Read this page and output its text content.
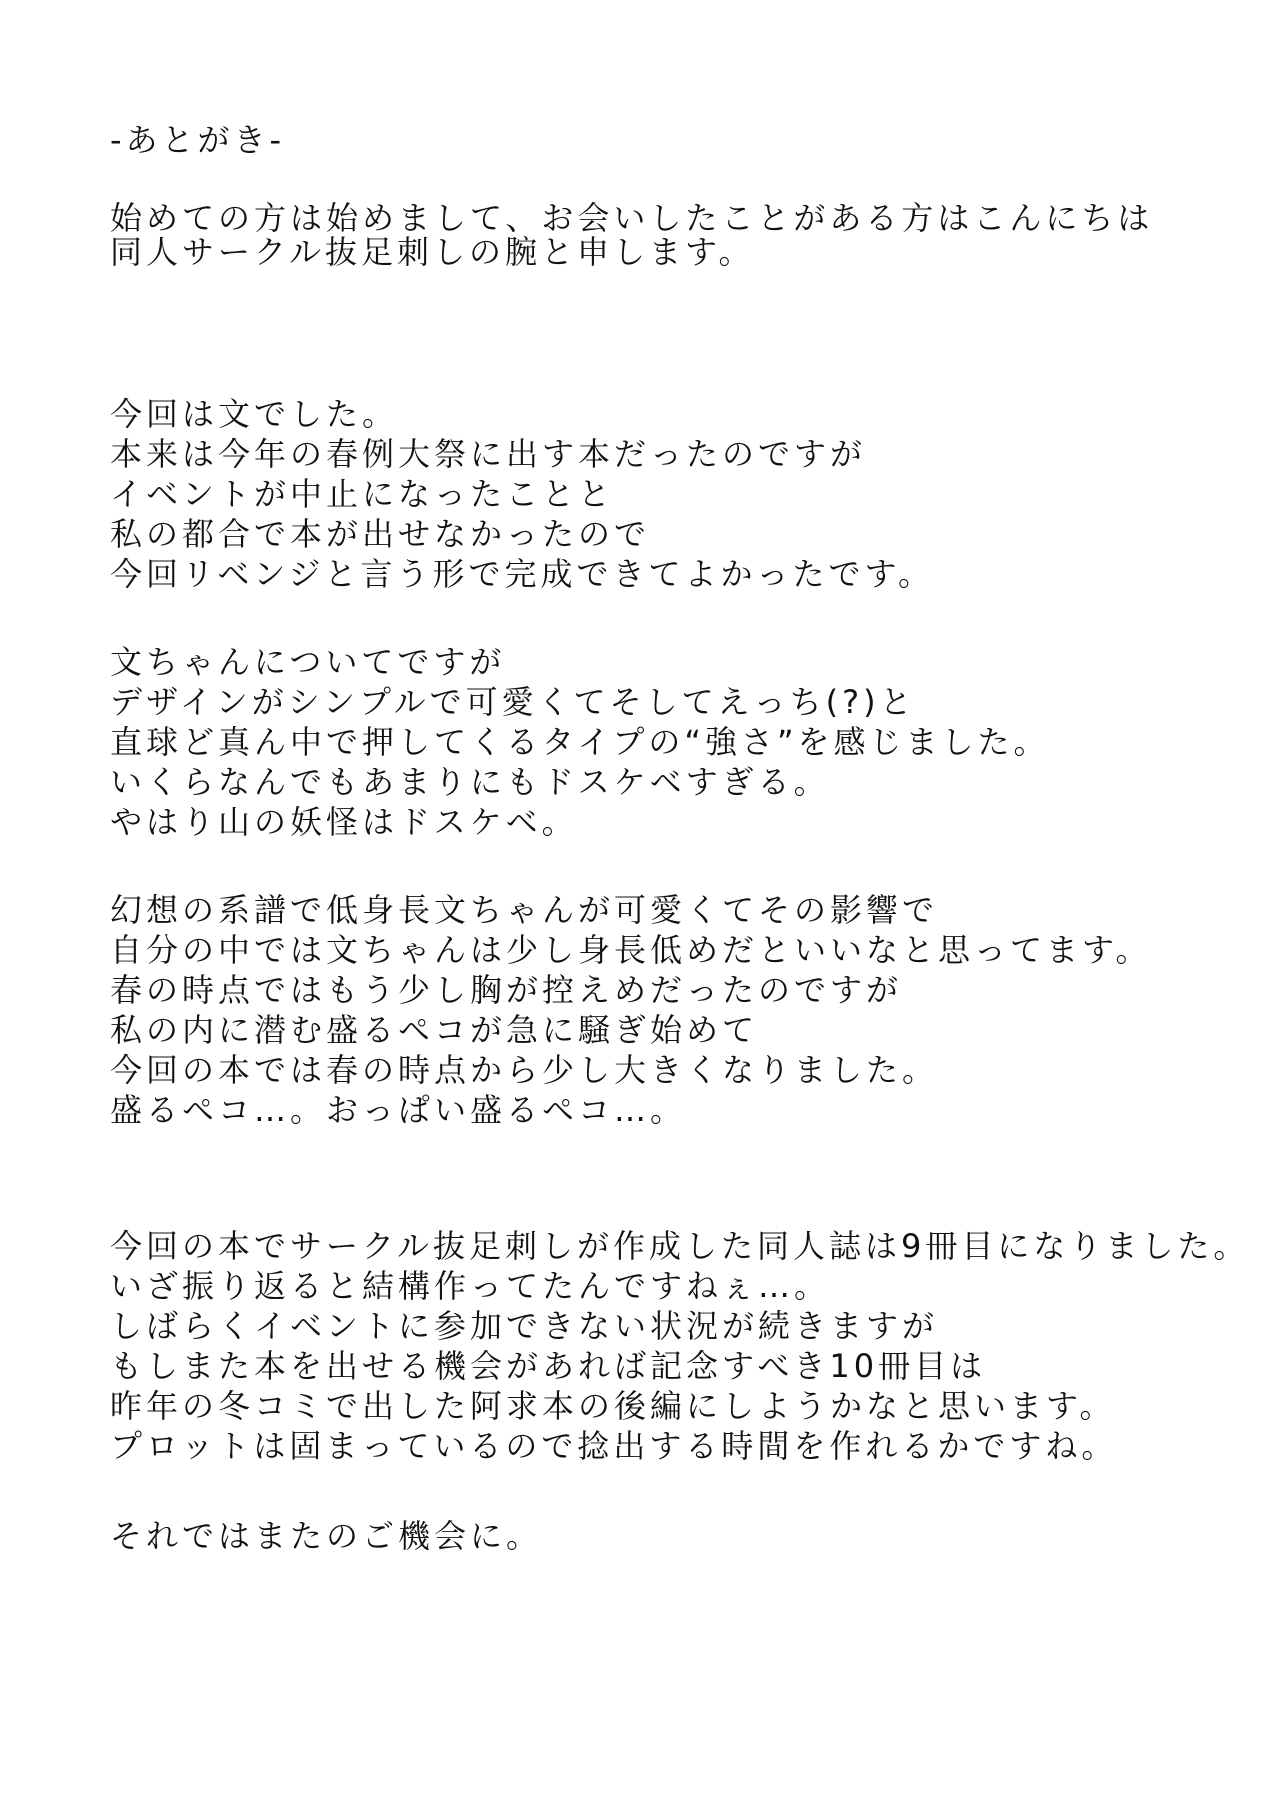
-あとがき-
始めての方は始めまして、お会いしたことがある方はこんにちは
同人サークル抜足刺しの腕と申します。
今回は文でした。
本来は今年の春例大祭に出す本だったのですが
イベントが中止になったことと
私の都合で本が出せなかったので
今回リベンジと言う形で完成できてよかったです。
文ちゃんについてですが
デザインがシンプルで可愛くてそしてえっち(?)と
直球ど真ん中で押してくるタイプの“強さ”を感じました。
いくらなんでもあまりにもドスケベすぎる。
やはり山の妖怪はドスケベ。
幻想の系譜で低身長文ちゃんが可愛くてその影響で
自分の中では文ちゃんは少し身長低めだといいなと思ってます。
春の時点ではもう少し胸が控えめだったのですが
私の内に潜む盛るペコが急に騒ぎ始めて
今回の本では春の時点から少し大きくなりました。
盛るペコ…。おっぱい盛るペコ…。
今回の本でサークル抜足刺しが作成した同人誌は9冊目になりました。
いざ振り返ると結構作ってたんですねぇ…。
しばらくイベントに参加できない状況が続きますが
もしまた本を出せる機会があれば記念すべき10冊目は
昨年の冬コミで出した阿求本の後編にしようかなと思います。
プロットは固まっているので捻出する時間を作れるかですね。
それではまたのご機会に。
